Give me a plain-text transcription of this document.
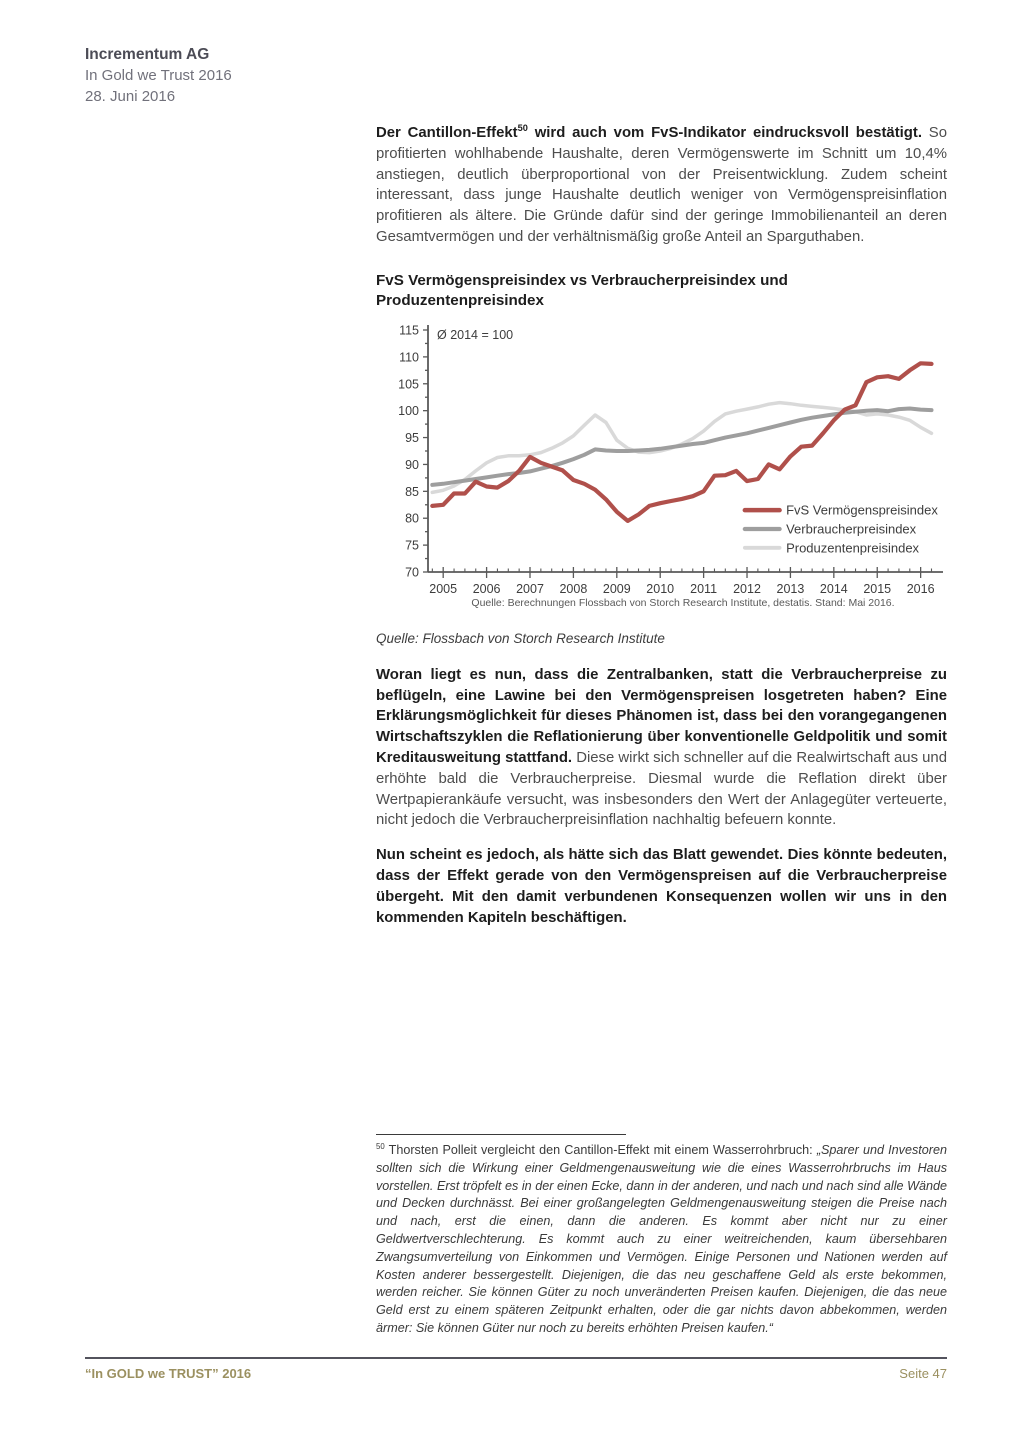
Incrementum AG
In Gold we Trust 2016
28. Juni 2016

Der Cantillon-Effekt$^{50}$ wird auch vom FvS-Indikator eindrucksvoll bestätigt. So profitierten wohlhabende Haushalte, deren Vermögenswerte im Schnitt um 10,4% anstiegen, deutlich überproportional von der Preisentwicklung. Zudem scheint interessant, dass junge Haushalte deutlich weniger von Vermögenspreisinflation profitieren als ältere. Die Gründe dafür sind der geringe Immobilienanteil an deren Gesamtvermögen und der verhältnismäßig große Anteil an Sparguthaben.

FvS Vermögenspreisindex vs Verbraucherpreisindex und Produzentenpreisindex
70
75
80
85
90
95
100
105
110
115
2005 2006 2007 2008 2009 2010 2011 2012 2013 2014 2015 2016
Ø 2014 = 100
FvS Vermögenspreisindex
Verbraucherpreisindex
Produzentenpreisindex
Quelle: Berechnungen Flossbach von Storch Research Institute, destatis. Stand: Mai 2016.
Quelle: Flossbach von Storch Research Institute

Woran liegt es nun, dass die Zentralbanken, statt die Verbraucherpreise zu beflügeln, eine Lawine bei den Vermögenspreisen losgetreten haben? Eine Erklärungsmöglichkeit für dieses Phänomen ist, dass bei den vorangegangenen Wirtschaftszyklen die Reflationierung über konventionelle Geldpolitik und somit Kreditausweitung stattfand. Diese wirkt sich schneller auf die Realwirtschaft aus und erhöhte bald die Verbraucherpreise. Diesmal wurde die Reflation direkt über Wertpapierankäufe versucht, was insbesonders den Wert der Anlagegüter verteuerte, nicht jedoch die Verbraucherpreisinflation nachhaltig befeuern konnte.

Nun scheint es jedoch, als hätte sich das Blatt gewendet. Dies könnte bedeuten, dass der Effekt gerade von den Vermögenspreisen auf die Verbraucherpreise übergeht. Mit den damit verbundenen Konsequenzen wollen wir uns in den kommenden Kapiteln beschäftigen.

$^{50}$ Thorsten Polleit vergleicht den Cantillon-Effekt mit einem Wasserrohrbruch: „Sparer und Investoren sollten sich die Wirkung einer Geldmengenausweitung wie die eines Wasserrohrbruchs im Haus vorstellen. Erst tröpfelt es in der einen Ecke, dann in der anderen, und nach und nach sind alle Wände und Decken durchnässt. Bei einer großangelegten Geldmengenausweitung steigen die Preise nach und nach, erst die einen, dann die anderen. Es kommt aber nicht nur zu einer Geldwertverschlechterung. Es kommt auch zu einer weitreichenden, kaum übersehbaren Zwangsumverteilung von Einkommen und Vermögen. Einige Personen und Nationen werden auf Kosten anderer bessergestellt. Diejenigen, die das neu geschaffene Geld als erste bekommen, werden reicher. Sie können Güter zu noch unveränderten Preisen kaufen. Diejenigen, die das neue Geld erst zu einem späteren Zeitpunkt erhalten, oder die gar nichts davon abbekommen, werden ärmer: Sie können Güter nur noch zu bereits erhöhten Preisen kaufen.“
“In GOLD we TRUST” 2016	Seite 47
